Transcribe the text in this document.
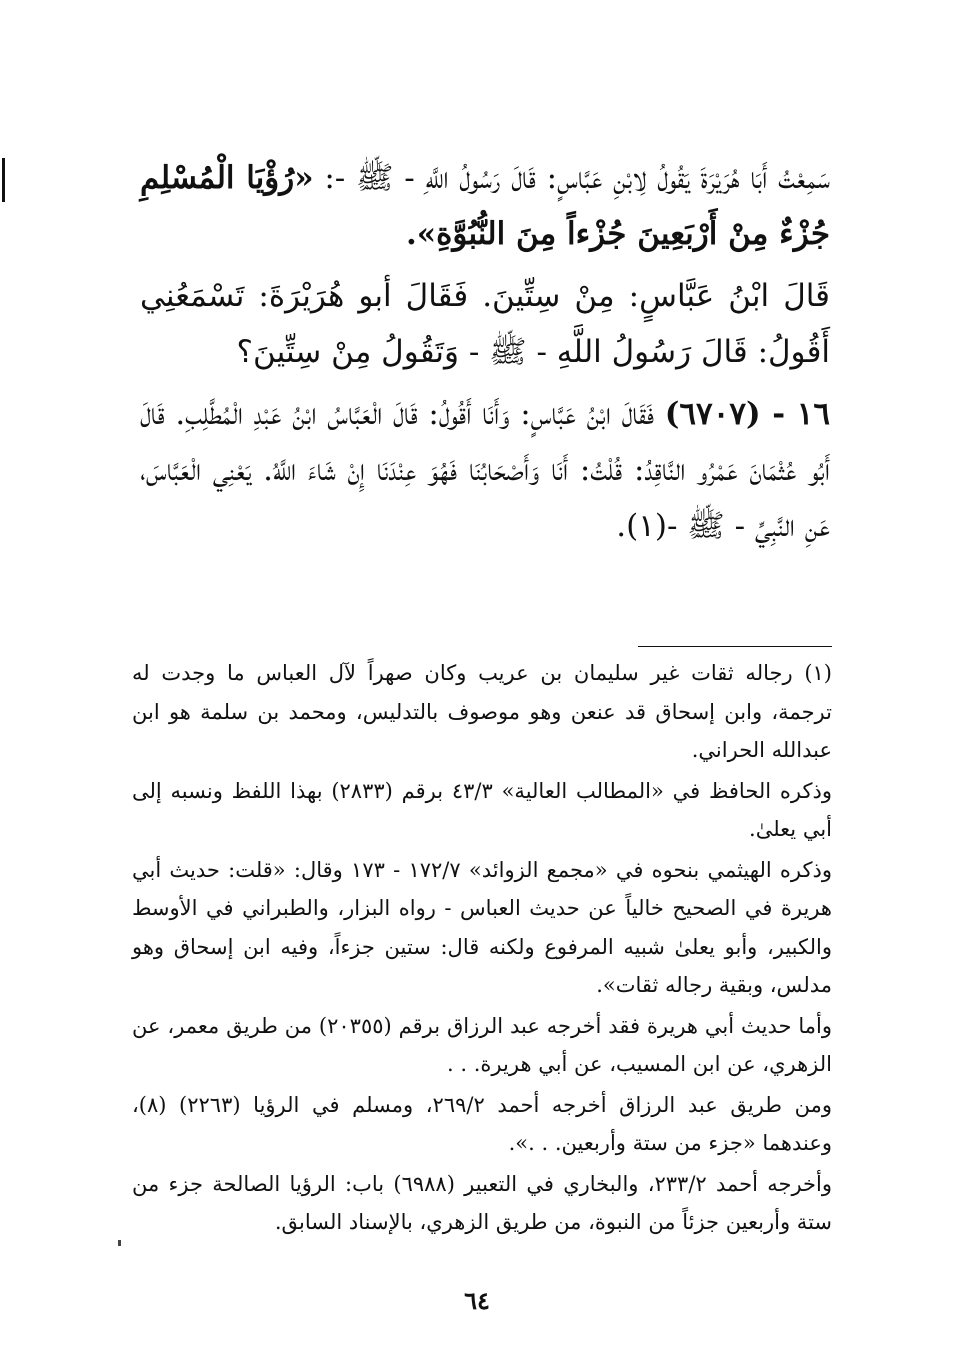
سَمِعْتُ أَبَا هُرَيْرَةَ يَقُولُ لِابْنِ عَبَّاسٍ: قَالَ رَسُولُ اللَّهِ - ﷺ -: «رُؤْيَا الْمُسْلِمِ جُزْءٌ مِنْ أَرْبَعِينَ جُزْءاً مِنَ النُّبُوَّةِ».

قَالَ ابْنُ عَبَّاسٍ: مِنْ سِتِّينَ. فَقَالَ أبو هُرَيْرَةَ: تَسْمَعُنِي أَقُولُ: قَالَ رَسُولُ اللَّهِ - ﷺ - وَتَقُولُ مِنْ سِتِّينَ؟

١٦ - (٦٧٠٧) فَقَالَ ابْنُ عَبَّاسٍ: وَأَنَا أَقُولُ: قَالَ الْعَبَّاسُ ابْنُ عَبْدِ الْمُطَّلِبِ. قَالَ أَبُو عُثْمَانَ عَمْرُو النَّاقِدُ: قُلْتُ: أَنَا وَأَصْحَابُنَا فَهُوَ عِنْدَنَا إِنْ شَاءَ اللَّهُ. يَعْنِي الْعَبَّاسَ، عَنِ النَّبِيِّ - ﷺ -(١).

(١) رجاله ثقات غير سليمان بن عريب وكان صهراً لآل العباس ما وجدت له ترجمة، وابن إسحاق قد عنعن وهو موصوف بالتدليس، ومحمد بن سلمة هو ابن عبدالله الحراني.

وذكره الحافظ في «المطالب العالية» ٤٣/٣ برقم (٢٨٣٣) بهذا اللفظ ونسبه إلى أبي يعلىٰ.

وذكره الهيثمي بنحوه في «مجمع الزوائد» ١٧٢/٧ - ١٧٣ وقال: «قلت: حديث أبي هريرة في الصحيح خالياً عن حديث العباس - رواه البزار، والطبراني في الأوسط والكبير، وأبو يعلىٰ شبيه المرفوع ولكنه قال: ستين جزءاً، وفيه ابن إسحاق وهو مدلس، وبقية رجاله ثقات».

وأما حديث أبي هريرة فقد أخرجه عبد الرزاق برقم (٢٠٣٥٥) من طريق معمر، عن الزهري، عن ابن المسيب، عن أبي هريرة. . .

ومن طريق عبد الرزاق أخرجه أحمد ٢٦٩/٢، ومسلم في الرؤيا (٢٢٦٣) (٨)، وعندهما «جزء من ستة وأربعين. . .».

وأخرجه أحمد ٢٣٣/٢، والبخاري في التعبير (٦٩٨٨) باب: الرؤيا الصالحة جزء من ستة وأربعين جزئاً من النبوة، من طريق الزهري، بالإسناد السابق.

٦٤
